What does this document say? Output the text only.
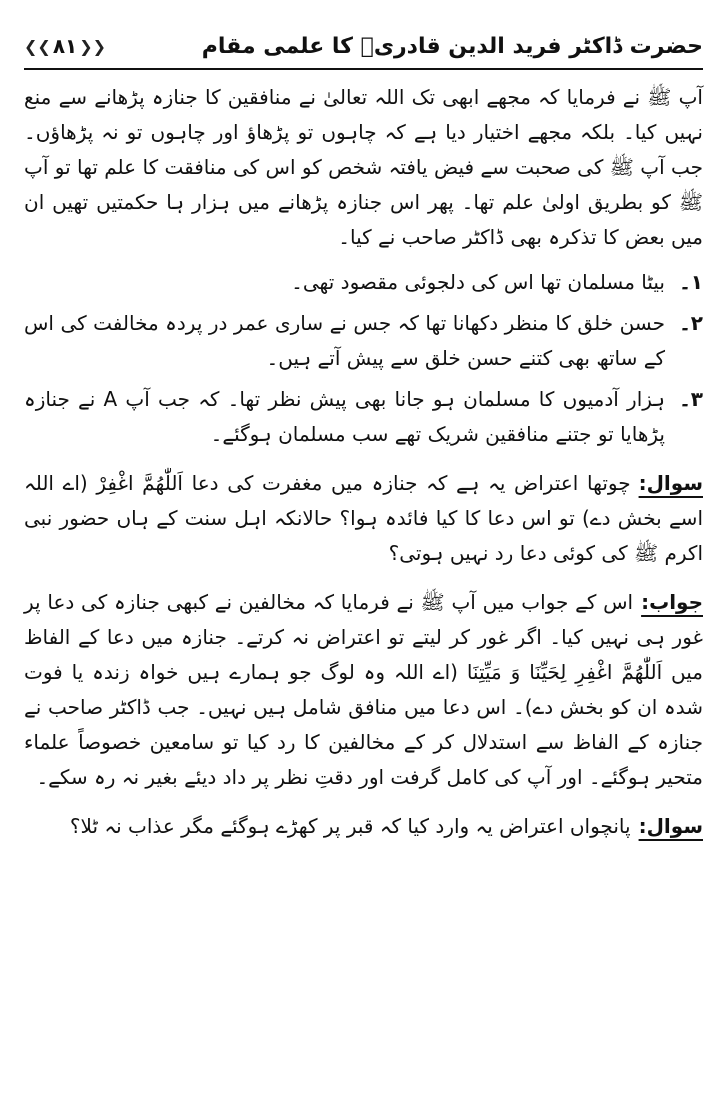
حضرت ڈاکٹر فرید الدین قادریؒ کا علمی مقام
❮❮ ۸۱ ❯❯

آپ ﷺ نے فرمایا کہ مجھے ابھی تک اللہ تعالیٰ نے منافقین کا جنازہ پڑھانے سے منع نہیں کیا۔ بلکہ مجھے اختیار دیا ہے کہ چاہوں تو پڑھاؤ اور چاہوں تو نہ پڑھاؤں۔ جب آپ ﷺ کی صحبت سے فیض یافتہ شخص کو اس کی منافقت کا علم تھا تو آپ ﷺ کو بطریق اولیٰ علم تھا۔ پھر اس جنازہ پڑھانے میں ہزار ہا حکمتیں تھیں ان میں بعض کا تذکرہ بھی ڈاکٹر صاحب نے کیا۔

۱۔
بیٹا مسلمان تھا اس کی دلجوئی مقصود تھی۔
۲۔
حسن خلق کا منظر دکھانا تھا کہ جس نے ساری عمر در پردہ مخالفت کی اس کے ساتھ بھی کتنے حسن خلق سے پیش آتے ہیں۔
۳۔
ہزار آدمیوں کا مسلمان ہو جانا بھی پیش نظر تھا۔ کہ جب آپ A نے جنازہ پڑھایا تو جتنے منافقین شریک تھے سب مسلمان ہوگئے۔

سوال:چوتھا اعتراض یہ ہے کہ جنازہ میں مغفرت کی دعا اَللّٰھُمَّ اغْفِرْ (اے اللہ اسے بخش دے) تو اس دعا کا کیا فائدہ ہوا؟ حالانکہ اہل سنت کے ہاں حضور نبی اکرم ﷺ کی کوئی دعا رد نہیں ہوتی؟

جواب:اس کے جواب میں آپ ﷺ نے فرمایا کہ مخالفین نے کبھی جنازہ کی دعا پر غور ہی نہیں کیا۔ اگر غور کر لیتے تو اعتراض نہ کرتے۔ جنازہ میں دعا کے الفاظ میں اَللّٰھُمَّ اغْفِرِ لِحَیِّنَا وَ مَیِّتِنَا (اے اللہ وہ لوگ جو ہمارے ہیں خواہ زندہ یا فوت شدہ ان کو بخش دے)۔ اس دعا میں منافق شامل ہیں نہیں۔ جب ڈاکٹر صاحب نے جنازہ کے الفاظ سے استدلال کر کے مخالفین کا رد کیا تو سامعین خصوصاً علماء متحیر ہوگئے۔ اور آپ کی کامل گرفت اور دقتِ نظر پر داد دیئے بغیر نہ رہ سکے۔

سوال:پانچواں اعتراض یہ وارد کیا کہ قبر پر کھڑے ہوگئے مگر عذاب نہ ٹلا؟
